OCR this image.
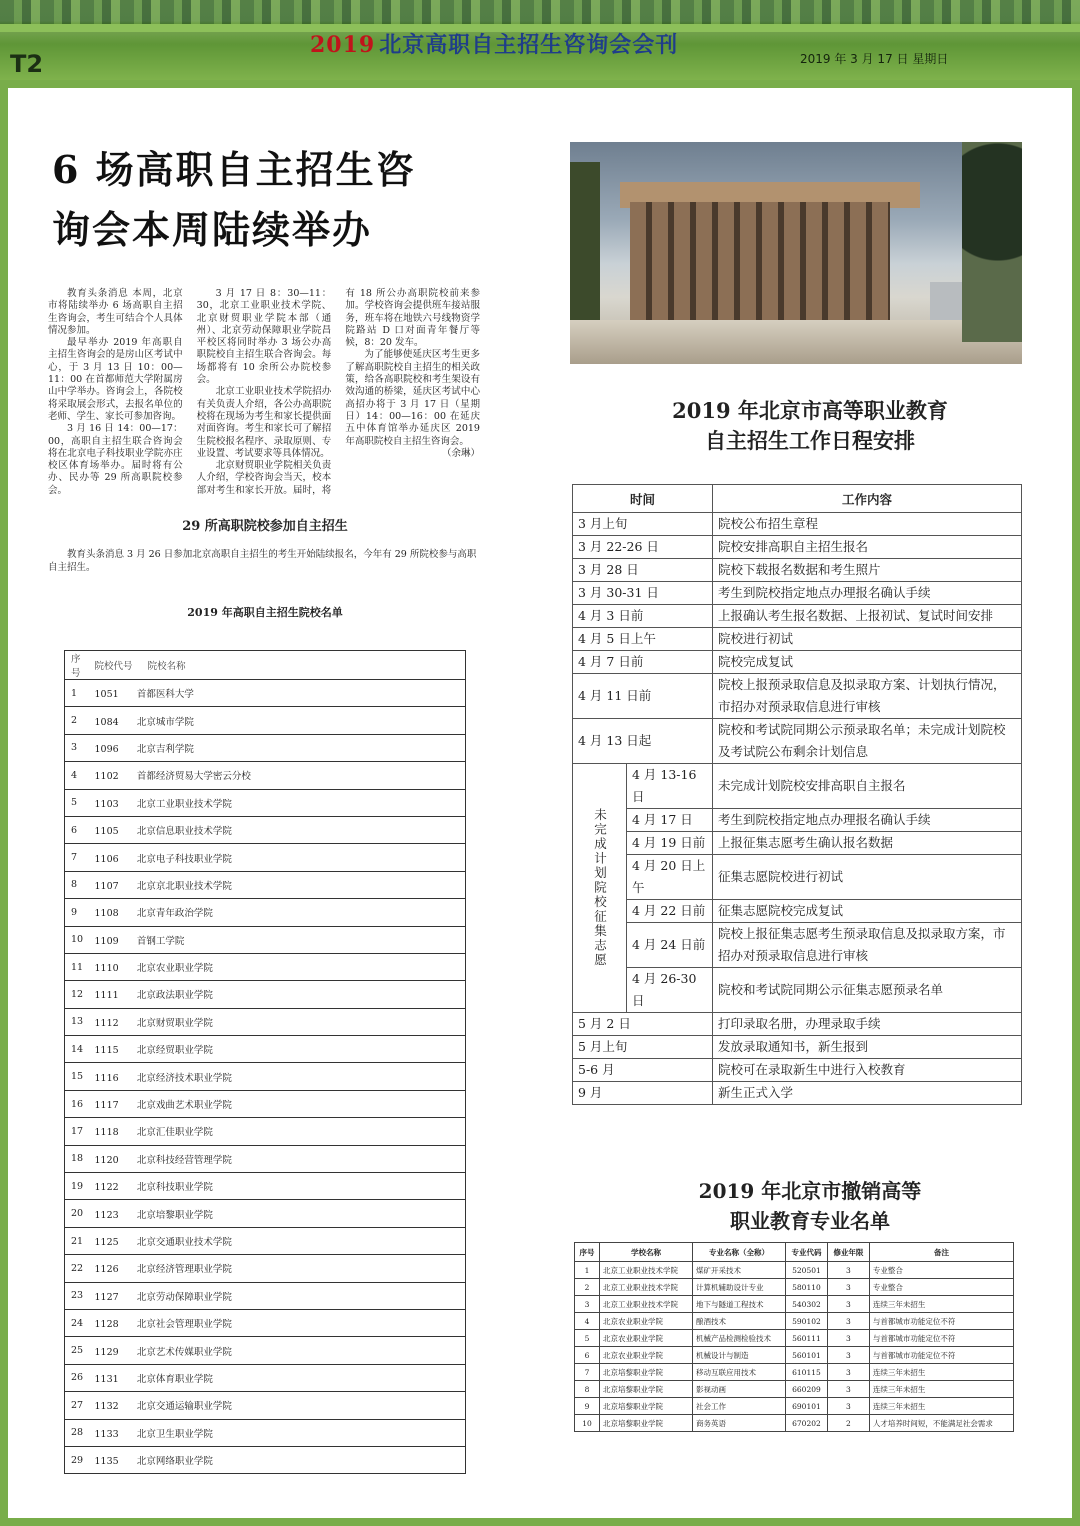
T2
2019 北京高职自主招生咨询会会刊
2019 年 3 月 17 日 星期日
6 场高职自主招生咨
询会本周陆续举办

教育头条消息 本周，北京市将陆续举办 6 场高职自主招生咨询会，考生可结合个人具体情况参加。

最早举办 2019 年高职自主招生咨询会的是房山区考试中心，于 3 月 13 日 10：00—11：00 在首都师范大学附属房山中学举办。咨询会上，各院校将采取展会形式，去报名单位的老师、学生、家长可参加咨询。

3 月 16 日 14：00—17：00，高职自主招生联合咨询会将在北京电子科技职业学院亦庄校区体育场举办。届时将有公办、民办等 29 所高职院校参会。

3 月 17 日 8：30—11：30，北京工业职业技术学院、北京财贸职业学院本部（通州）、北京劳动保障职业学院昌平校区将同时举办 3 场公办高职院校自主招生联合咨询会。每场都将有 10 余所公办院校参会。

北京工业职业技术学院招办有关负责人介绍，各公办高职院校将在现场为考生和家长提供面对面咨询。考生和家长可了解招生院校报名程序、录取原则、专业设置、考试要求等具体情况。

北京财贸职业学院相关负责人介绍，学校咨询会当天，校本部对考生和家长开放。届时，将有 18 所公办高职院校前来参加。学校咨询会提供班车接站服务，班车将在地铁六号线物资学院路站 D 口对面青年餐厅等候，8：20 发车。

为了能够使延庆区考生更多了解高职院校自主招生的相关政策，给各高职院校和考生架设有效沟通的桥梁，延庆区考试中心高招办将于 3 月 17 日（星期日）14：00—16：00 在延庆五中体育馆举办延庆区 2019 年高职院校自主招生咨询会。

（余琳）

29 所高职院校参加自主招生
教育头条消息 3 月 26 日参加北京高职自主招生的考生开始陆续报名，今年有 29 所院校参与高职自主招生。
2019 年高职自主招生院校名单
序号	院校代号 院校名称
1	1051 首都医科大学
2	1084 北京城市学院
3	1096 北京吉利学院
4	1102 首都经济贸易大学密云分校
5	1103 北京工业职业技术学院
6	1105 北京信息职业技术学院
7	1106 北京电子科技职业学院
8	1107 北京京北职业技术学院
9	1108 北京青年政治学院
10	1109 首钢工学院
11	1110 北京农业职业学院
12	1111 北京政法职业学院
13	1112 北京财贸职业学院
14	1115 北京经贸职业学院
15	1116 北京经济技术职业学院
16	1117 北京戏曲艺术职业学院
17	1118 北京汇佳职业学院
18	1120 北京科技经营管理学院
19	1122 北京科技职业学院
20	1123 北京培黎职业学院
21	1125 北京交通职业技术学院
22	1126 北京经济管理职业学院
23	1127 北京劳动保障职业学院
24	1128 北京社会管理职业学院
25	1129 北京艺术传媒职业学院
26	1131 北京体育职业学院
27	1132 北京交通运输职业学院
28	1133 北京卫生职业学院
29	1135 北京网络职业学院
2019 年北京市高等职业教育
自主招生工作日程安排
时间		工作内容
3 月上旬		院校公布招生章程
3 月 22-26 日		院校安排高职自主招生报名
3 月 28 日		院校下载报名数据和考生照片
3 月 30-31 日		考生到院校指定地点办理报名确认手续
4 月 3 日前		上报确认考生报名数据、上报初试、复试时间安排
4 月 5 日上午		院校进行初试
4 月 7 日前		院校完成复试
4 月 11 日前		院校上报预录取信息及拟录取方案、计划执行情况，市招办对预录取信息进行审核
4 月 13 日起		院校和考试院同期公示预录取名单；未完成计划院校及考试院公布剩余计划信息
未完成计划院校征集志愿	4 月 13-16 日	未完成计划院校安排高职自主报名
	4 月 17 日	考生到院校指定地点办理报名确认手续
	4 月 19 日前	上报征集志愿考生确认报名数据
	4 月 20 日上午	征集志愿院校进行初试
	4 月 22 日前	征集志愿院校完成复试
	4 月 24 日前	院校上报征集志愿考生预录取信息及拟录取方案，市招办对预录取信息进行审核
	4 月 26-30 日	院校和考试院同期公示征集志愿预录名单
5 月 2 日		打印录取名册，办理录取手续
5 月上旬		发放录取通知书，新生报到
5-6 月		院校可在录取新生中进行入校教育
9 月		新生正式入学
2019 年北京市撤销高等
职业教育专业名单
序号	学校名称	专业名称（全称）	专业代码	修业年限	备注
1	北京工业职业技术学院	煤矿开采技术	520501	3	专业整合
2	北京工业职业技术学院	计算机辅助设计专业	580110	3	专业整合
3	北京工业职业技术学院	地下与隧道工程技术	540302	3	连续三年未招生
4	北京农业职业学院	酿酒技术	590102	3	与首都城市功能定位不符
5	北京农业职业学院	机械产品检测检验技术	560111	3	与首都城市功能定位不符
6	北京农业职业学院	机械设计与制造	560101	3	与首都城市功能定位不符
7	北京培黎职业学院	移动互联应用技术	610115	3	连续三年未招生
8	北京培黎职业学院	影视动画	660209	3	连续三年未招生
9	北京培黎职业学院	社会工作	690101	3	连续三年未招生
10	北京培黎职业学院	商务英语	670202	2	人才培养时间短，不能满足社会需求
